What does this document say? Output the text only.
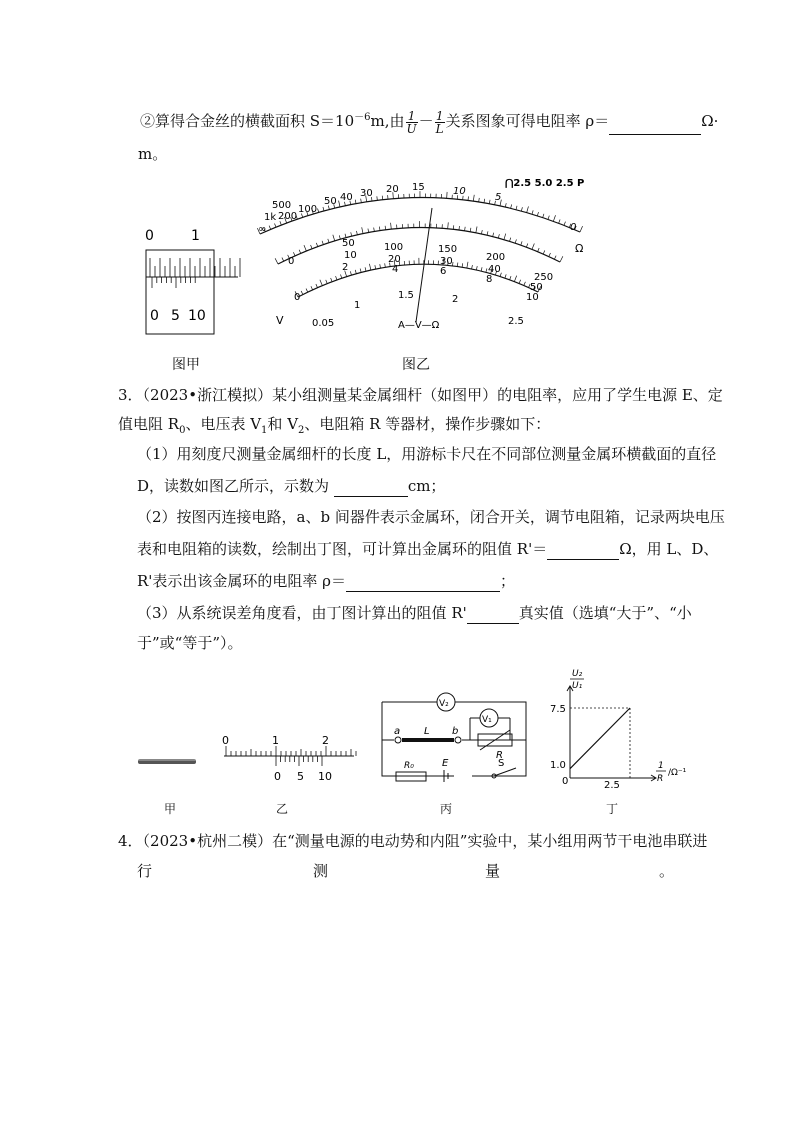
②算得合金丝的横截面积 $S=10^{-6}m$,由 $\frac{1}{U} - \frac{1}{L}$ 关系图象可得电阻率 ρ＝	Ω·
m。
0	1
0 5 10
图甲
∞
1k
500
200
100
50 40 30 20 15	10
5
0
⋂2.5 5.0 2.5 P
Ω
0
50	100	150
200
250
10	20	30
40
50
2	4	6
8
10
0
0.05
1
1.5	2
2.5
V	A—V—Ω
图乙
3．（2023•浙江模拟）某小组测量某金属细杆（如图甲）的电阻率，应用了学生电源 E、定
值电阻 $R_0$、电压表 $V_1$和 $V_2$、电阻箱 R 等器材，操作步骤如下：
（1）用刻度尺测量金属细杆的长度 L，用游标卡尺在不同部位测量金属环横截面的直径
D，读数如图乙所示，示数为	cm；
（2）按图丙连接电路，a、b 间器件表示金属环，闭合开关，调节电阻箱，记录两块电压
表和电阻箱的读数，绘制出丁图，可计算出金属环的阻值 R'＝	Ω，用 L、D、
R'表示出该金属环的电阻率 ρ＝	；
（3）从系统误差角度看，由丁图计算出的阻值 R'	真实值（选填“大于”、“小
于”或“等于”）。
0	1	2
0 5 10
V₂
V₁
a L b
R
R₀	E	S
U₂
U₁
7.5
1.0
0	2.5
1
R
/Ω⁻¹
甲	乙	丙	丁
4．（2023•杭州二模）在“测量电源的电动势和内阻”实验中，某小组用两节干电池串联进
行	测	量	。
